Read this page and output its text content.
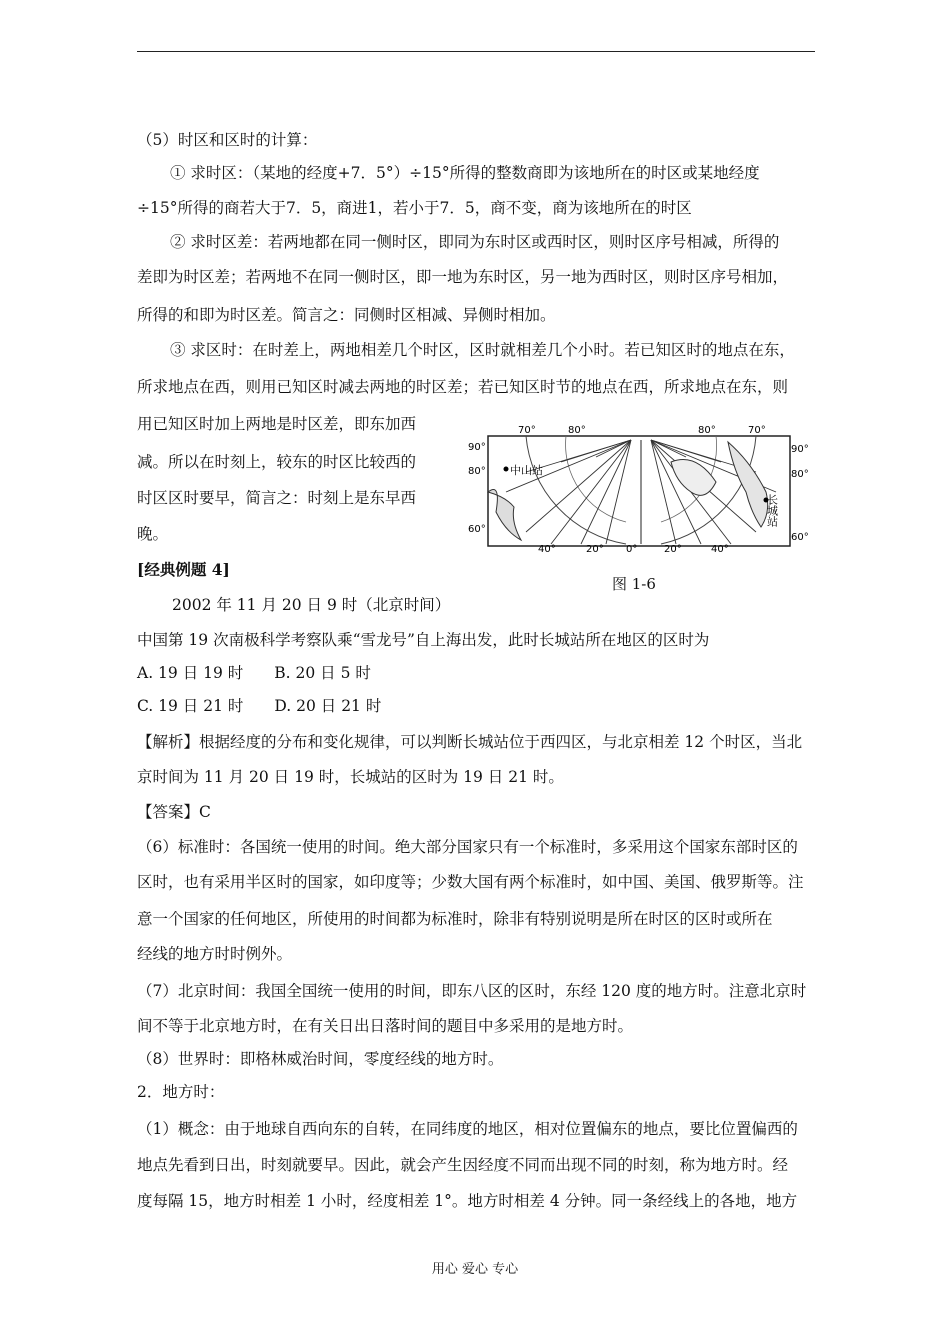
（5）时区和区时的计算：
① 求时区：（某地的经度+7．5°）÷15°所得的整数商即为该地所在的时区或某地经度
÷15°所得的商若大于7．5，商进1，若小于7．5，商不变，商为该地所在的时区
② 求时区差：若两地都在同一侧时区，即同为东时区或西时区，则时区序号相减，所得的
差即为时区差；若两地不在同一侧时区，即一地为东时区，另一地为西时区，则时区序号相加，
所得的和即为时区差。简言之：同侧时区相减、异侧时相加。
③ 求区时：在时差上，两地相差几个时区，区时就相差几个小时。若已知区时的地点在东，
所求地点在西，则用已知区时减去两地的时区差；若已知区时节的地点在西，所求地点在东，则
用已知区时加上两地是时区差，即东加西
减。所以在时刻上，较东的时区比较西的
时区区时要早，简言之：时刻上是东早西
晚。
[经典例题 4]
2002 年 11 月 20 日 9 时（北京时间）
中国第 19 次南极科学考察队乘“雪龙号”自上海出发，此时长城站所在地区的区时为
A. 19 日 19 时　　B. 20 日 5 时
C. 19 日 21 时　　D. 20 日 21 时
【解析】根据经度的分布和变化规律，可以判断长城站位于西四区，与北京相差 12 个时区，当北
京时间为 11 月 20 日 19 时，长城站的区时为 19 日 21 时。
【答案】C
（6）标准时：各国统一使用的时间。绝大部分国家只有一个标准时，多采用这个国家东部时区的
区时，也有采用半区时的国家，如印度等；少数大国有两个标准时，如中国、美国、俄罗斯等。注
意一个国家的任何地区，所使用的时间都为标准时，除非有特别说明是所在时区的区时或所在
经线的地方时时例外。
（7）北京时间：我国全国统一使用的时间，即东八区的区时，东经 120 度的地方时。注意北京时
间不等于北京地方时，在有关日出日落时间的题目中多采用的是地方时。
（8）世界时：即格林威治时间，零度经线的地方时。
2．地方时：
（1）概念：由于地球自西向东的自转，在同纬度的地区，相对位置偏东的地点，要比位置偏西的
地点先看到日出，时刻就要早。因此，就会产生因经度不同而出现不同的时刻，称为地方时。经
度每隔 15，地方时相差 1 小时，经度相差 1°。地方时相差 4 分钟。同一条经线上的各地，地方
70°	80°	80°	70°
40°	20° 0°	20°	40°
90°
80°
60°
90°
80°
60°
中山站
长城站
图 1-6
用心 爱心 专心
